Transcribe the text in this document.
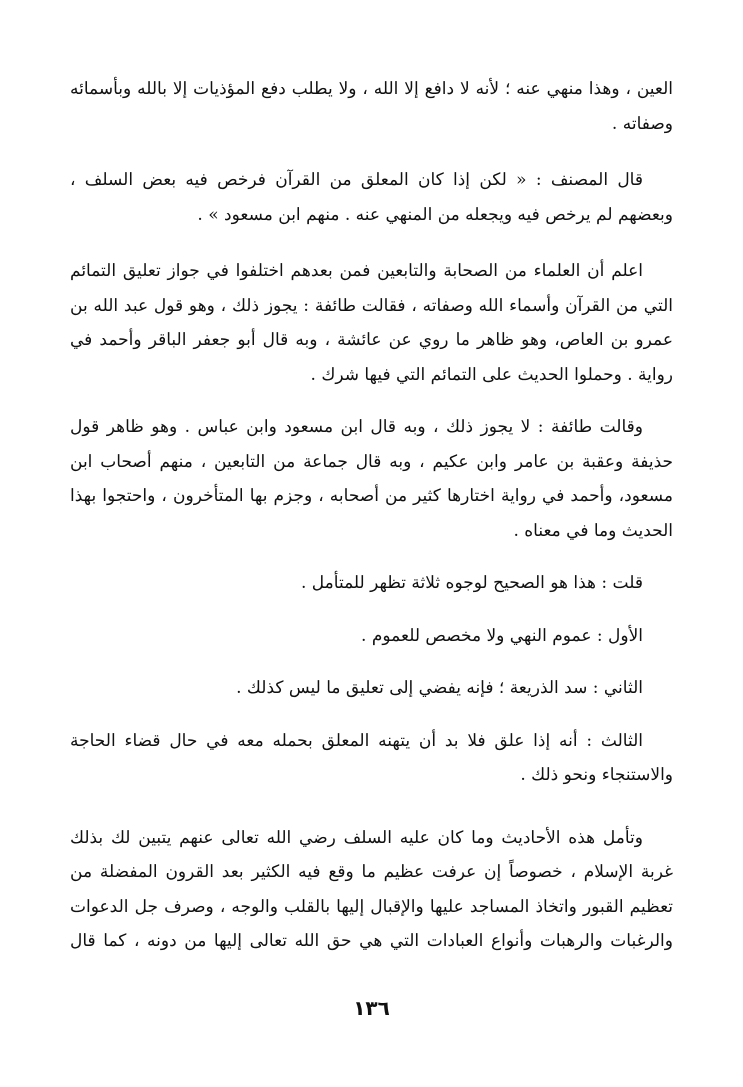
العين ، وهذا منهي عنه ؛ لأنه لا دافع إلا الله ، ولا يطلب دفع المؤذيات إلا بالله وبأسمائه
وصفاته .

قال المصنف : « لكن إذا كان المعلق من القرآن فرخص فيه بعض السلف ،
وبعضهم لم يرخص فيه ويجعله من المنهي عنه . منهم ابن مسعود » .

اعلم أن العلماء من الصحابة والتابعين فمن بعدهم اختلفوا في جواز تعليق التمائم
التي من القرآن وأسماء الله وصفاته ، فقالت طائفة : يجوز ذلك ، وهو قول عبد الله بن
عمرو بن العاص، وهو ظاهر ما روي عن عائشة ، وبه قال أبو جعفر الباقر وأحمد في
رواية . وحملوا الحديث على التمائم التي فيها شرك .

وقالت طائفة : لا يجوز ذلك ، وبه قال ابن مسعود وابن عباس . وهو ظاهر قول
حذيفة وعقبة بن عامر وابن عكيم ، وبه قال جماعة من التابعين ، منهم أصحاب ابن
مسعود، وأحمد في رواية اختارها كثير من أصحابه ، وجزم بها المتأخرون ، واحتجوا بهذا
الحديث وما في معناه .

قلت : هذا هو الصحيح لوجوه ثلاثة تظهر للمتأمل .

الأول : عموم النهي ولا مخصص للعموم .

الثاني : سد الذريعة ؛ فإنه يفضي إلى تعليق ما ليس كذلك .

الثالث : أنه إذا علق فلا بد أن يتهنه المعلق بحمله معه في حال قضاء الحاجة
والاستنجاء ونحو ذلك .

وتأمل هذه الأحاديث وما كان عليه السلف رضي الله تعالى عنهم يتبين لك بذلك
غربة الإسلام ، خصوصاً إن عرفت عظيم ما وقع فيه الكثير بعد القرون المفضلة من
تعظيم القبور واتخاذ المساجد عليها والإقبال إليها بالقلب والوجه ، وصرف جل الدعوات
والرغبات والرهبات وأنواع العبادات التي هي حق الله تعالى إليها من دونه ، كما قال

١٣٦
